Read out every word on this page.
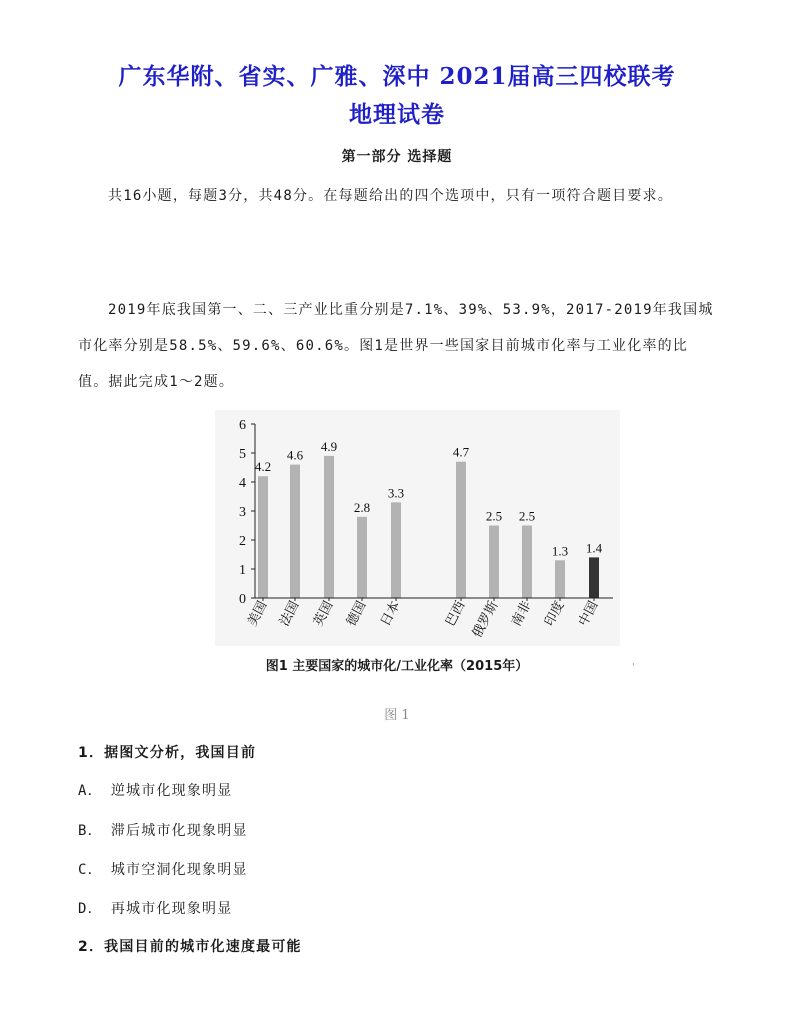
广东华附、省实、广雅、深中 2021届高三四校联考
地理试卷
第一部分 选择题
共16小题，每题3分，共48分。在每题给出的四个选项中，只有一项符合题目要求。
2019年底我国第一、二、三产业比重分别是7.1%、39%、53.9%，2017-2019年我国城市化率分别是58.5%、59.6%、60.6%。图1是世界一些国家目前城市化率与工业化率的比值。据此完成1～2题。
0
1
2
3
4
5
6
4.2
4.6
4.9
2.8
3.3
4.7
2.5 2.5
1.3 1.4
美国 法国 英国 德国 日本	巴西 俄罗斯 南非 印度 中国
图1 主要国家的城市化/工业化率（2015年）	'
图 1
1．据图文分析，我国目前
A． 逆城市化现象明显
B． 滞后城市化现象明显
C． 城市空洞化现象明显
D． 再城市化现象明显
2．我国目前的城市化速度最可能
